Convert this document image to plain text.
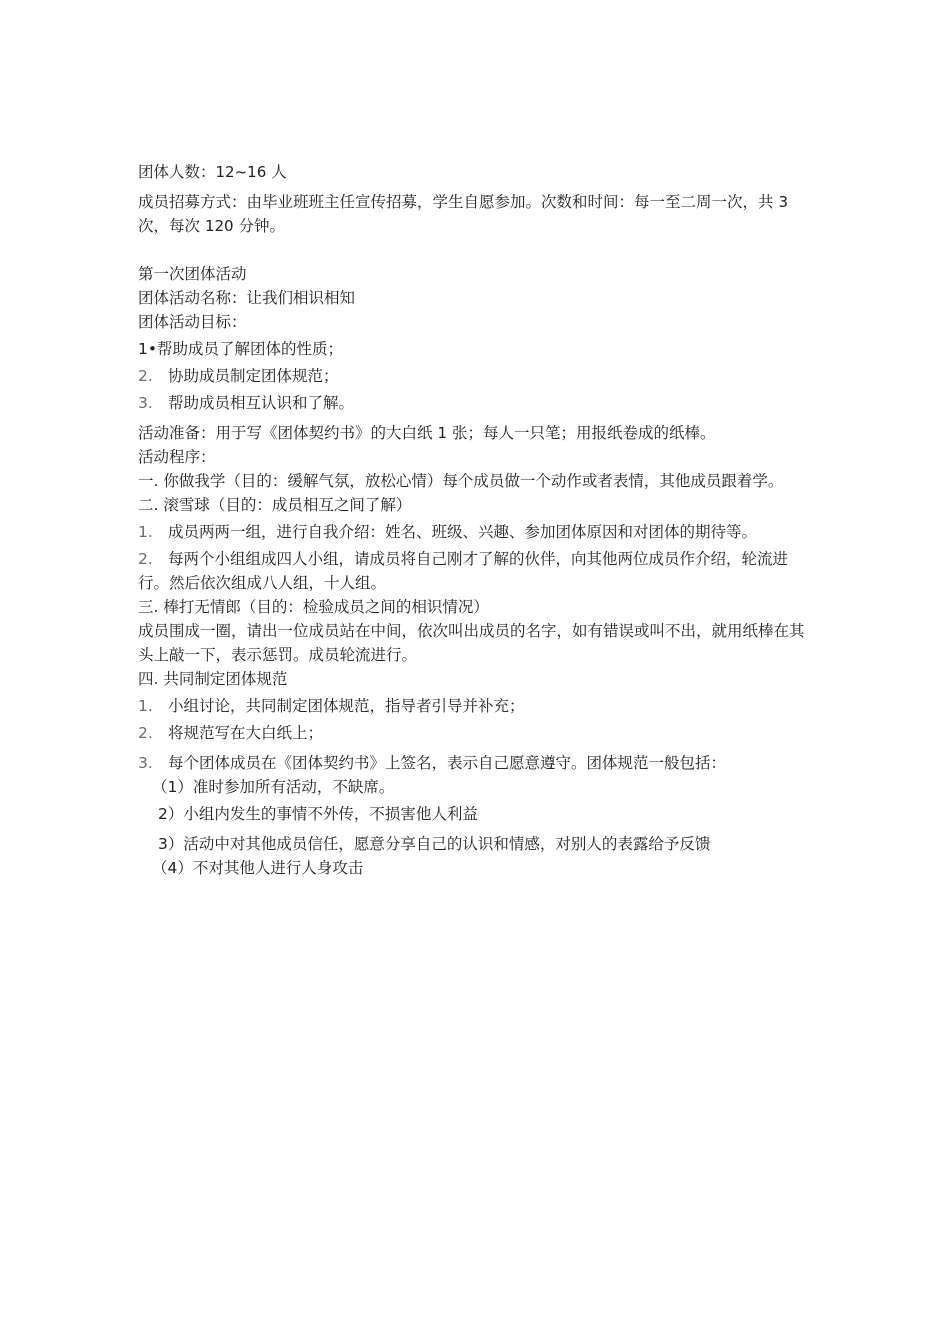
团体人数：12~16 人

成员招募方式：由毕业班班主任宣传招募，学生自愿参加。次数和时间：每一至二周一次，共 3 次，每次 120 分钟。

第一次团体活动

团体活动名称：让我们相识相知

团体活动目标：

1•帮助成员了解团体的性质；

2. 协助成员制定团体规范；

3. 帮助成员相互认识和了解。

活动准备：用于写《团体契约书》的大白纸 1 张；每人一只笔；用报纸卷成的纸棒。

活动程序：

一. 你做我学（目的：缓解气氛，放松心情）每个成员做一个动作或者表情，其他成员跟着学。

二. 滚雪球（目的：成员相互之间了解）

1. 成员两两一组，进行自我介绍：姓名、班级、兴趣、参加团体原因和对团体的期待等。

2. 每两个小组组成四人小组，请成员将自己刚才了解的伙伴，向其他两位成员作介绍，轮流进行。然后依次组成八人组，十人组。

三. 棒打无情郎（目的：检验成员之间的相识情况）

成员围成一圈，请出一位成员站在中间，依次叫出成员的名字，如有错误或叫不出，就用纸棒在其头上敲一下，表示惩罚。成员轮流进行。

四. 共同制定团体规范

1. 小组讨论，共同制定团体规范，指导者引导并补充；

2. 将规范写在大白纸上；

3. 每个团体成员在《团体契约书》上签名，表示自己愿意遵守。团体规范一般包括：

（1）准时参加所有活动，不缺席。

2）小组内发生的事情不外传，不损害他人利益

3）活动中对其他成员信任，愿意分享自己的认识和情感，对别人的表露给予反馈

（4）不对其他人进行人身攻击
